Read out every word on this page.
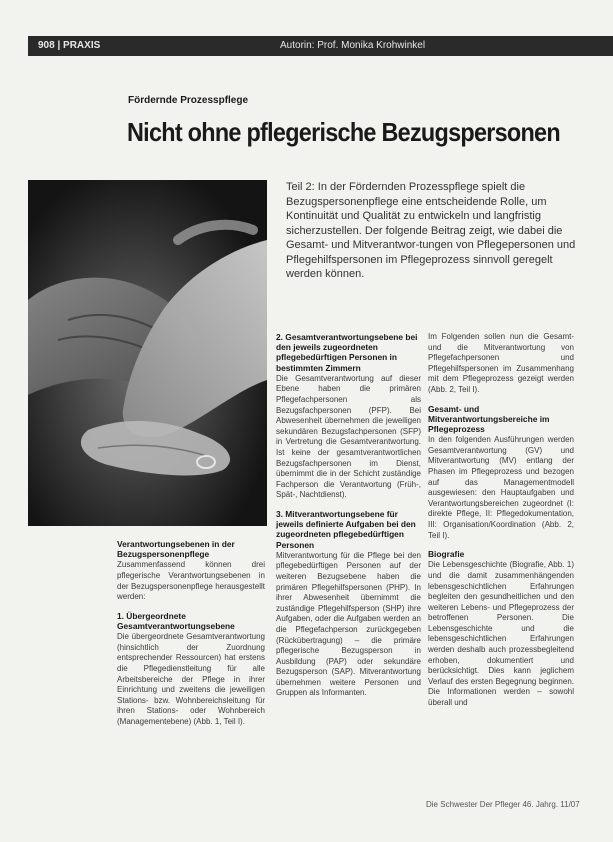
908 | PRAXIS	Autorin: Prof. Monika Krohwinkel
Fördernde Prozesspflege
Nicht ohne pflegerische Bezugspersonen
Teil 2: In der Fördernden Prozesspflege spielt die Bezugspersonenpflege eine entscheidende Rolle, um Kontinuität und Qualität zu entwickeln und langfristig sicherzustellen. Der folgende Beitrag zeigt, wie dabei die Gesamt- und Mitverantwor-tungen von Pflegepersonen und Pflegehilfspersonen im Pflegeprozess sinnvoll geregelt werden können.
Verantwortungsebenen in der Bezugspersonenpflege

Zusammenfassend können drei pflegerische Verantwortungsebenen in der Bezugspersonenpflege herausgestellt werden:

1. Übergeordnete Gesamtverantwortungsebene

Die übergeordnete Gesamtverantwortung (hinsichtlich der Zuordnung entsprechender Ressourcen) hat erstens die Pflegedienstleitung für alle Arbeitsbereiche der Pflege in ihrer Einrichtung und zweitens die jeweiligen Stations- bzw. Wohnbereichsleitung für ihren Stations- oder Wohnbereich (Managementebene) (Abb. 1, Teil I).

2. Gesamtverantwortungsebene bei den jeweils zugeordneten pflegebedürftigen Personen in bestimmten Zimmern

Die Gesamtverantwortung auf dieser Ebene haben die primären Pflegefachpersonen als Bezugsfachpersonen (PFP). Bei Abwesenheit übernehmen die jeweiligen sekundären Bezugsfachpersonen (SFP) in Vertretung die Gesamtverantwortung. Ist keine der gesamtverantwortlichen Bezugsfachpersonen im Dienst, übernimmt die in der Schicht zuständige Fachperson die Verantwortung (Früh-, Spät-, Nachtdienst).

3. Mitverantwortungsebene für jeweils definierte Aufgaben bei den zugeordneten pflegebedürftigen Personen

Mitverantwortung für die Pflege bei den pflegebedürftigen Personen auf der weiteren Bezugsebene haben die primären Pflegehilfspersonen (PHP). In ihrer Abwesenheit übernimmt die zuständige Pflegehilfsperson (SHP) ihre Aufgaben, oder die Aufgaben werden an die Pflegefachperson zurückgegeben (Rückübertragung) – die primäre pflegerische Bezugsperson in Ausbildung (PAP) oder sekundäre Bezugsperson (SAP). Mitverantwortung übernehmen weitere Personen und Gruppen als Informanten.

Im Folgenden sollen nun die Gesamt- und die Mitverantwortung von Pflegefachpersonen und Pflegehilfspersonen im Zusammenhang mit dem Pflegeprozess gezeigt werden (Abb. 2, Teil I).

Gesamt- und Mitverantwortungsbereiche im Pflegeprozess

In den folgenden Ausführungen werden Gesamtverantwortung (GV) und Mitverantwortung (MV) entlang der Phasen im Pflegeprozess und bezogen auf das Managementmodell ausgewiesen: den Hauptaufgaben und Verantwortungsbereichen zugeordnet (I: direkte Pflege, II: Pflegedokumentation, III: Organisation/Koordination (Abb. 2, Teil I).

Biografie

Die Lebensgeschichte (Biografie, Abb. 1) und die damit zusammenhängenden lebensgeschichtlichen Erfahrungen begleiten den gesundheitlichen und den weiteren Lebens- und Pflegeprozess der betroffenen Personen. Die Lebensgeschichte und die lebensgeschichtlichen Erfahrungen werden deshalb auch prozessbegleitend erhoben, dokumentiert und berücksichtigt. Dies kann jeglichem Verlauf des ersten Begegnung beginnen. Die Informationen werden – sowohl überall und

Die Schwester Der Pfleger 46. Jahrg. 11/07
